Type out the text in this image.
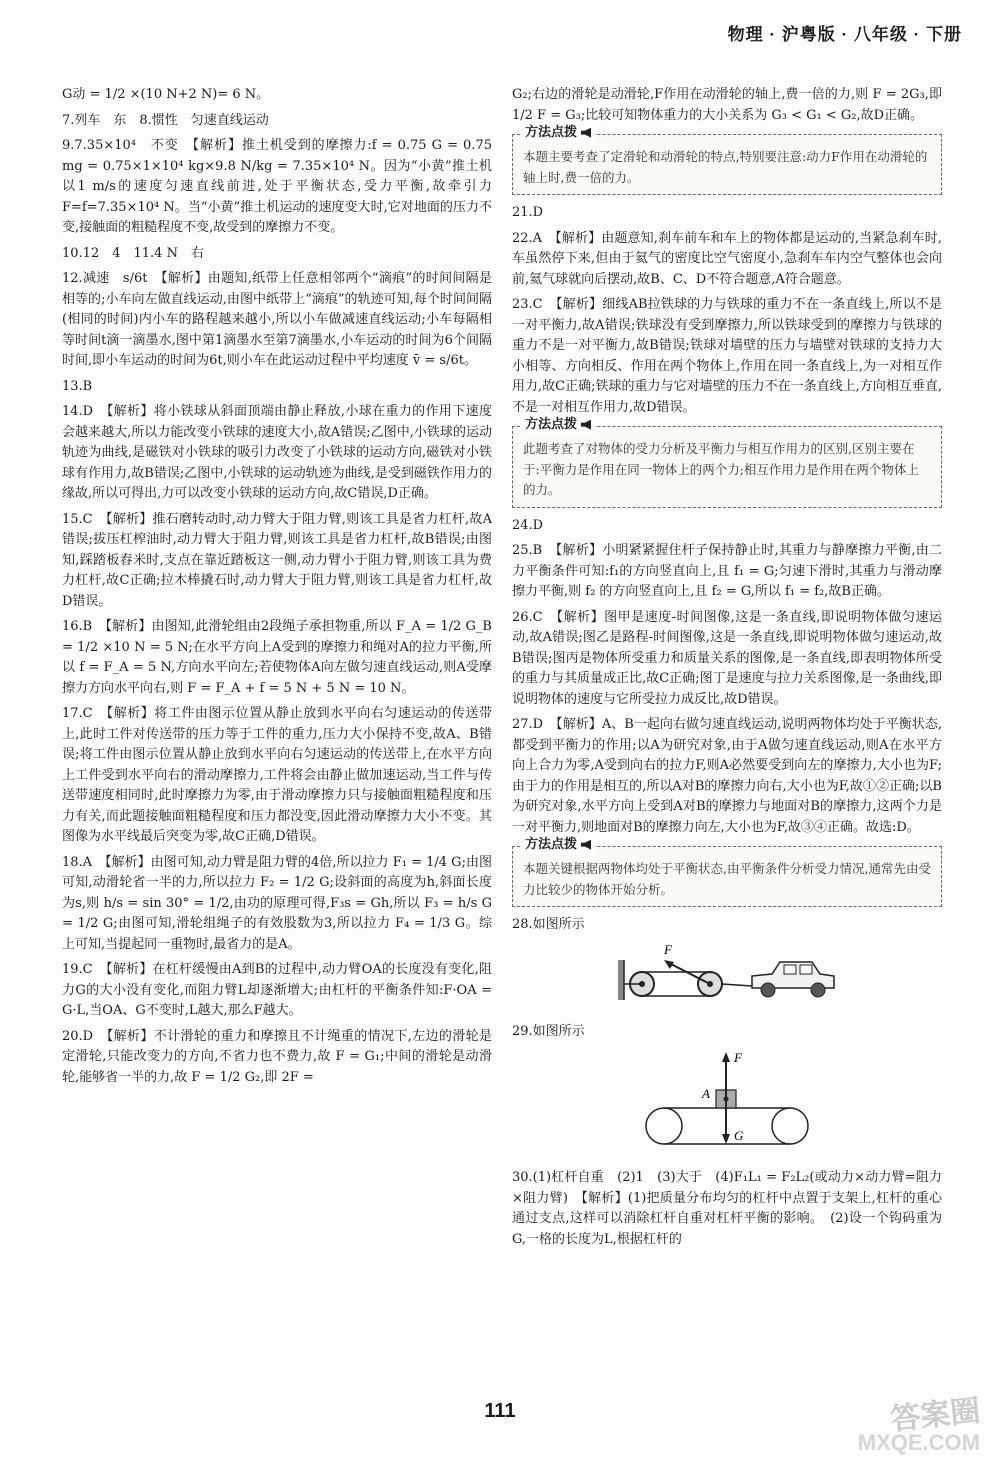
物理 · 沪粤版 · 八年级 · 下册

G动 = 1/2 ×(10 N+2 N)= 6 N。

7.列车　东　8.惯性　匀速直线运动

9.7.35×10⁴　不变　【解析】推土机受到的摩擦力:f = 0.75 G = 0.75 mg = 0.75×1×10⁴ kg×9.8 N/kg = 7.35×10⁴ N。因为“小黄”推土机以1 m/s的速度匀速直线前进,处于平衡状态,受力平衡,故牵引力 F=f=7.35×10⁴ N。当“小黄”推土机运动的速度变大时,它对地面的压力不变,接触面的粗糙程度不变,故受到的摩擦力不变。

10.12　4　11.4 N　右

12.减速　s/6t　【解析】由题知,纸带上任意相邻两个“滴痕”的时间间隔是相等的;小车向左做直线运动,由图中纸带上“滴痕”的轨迹可知,每个时间间隔(相同的时间)内小车的路程越来越小,所以小车做减速直线运动;小车每隔相等时间t滴一滴墨水,图中第1滴墨水至第7滴墨水,小车运动的时间为6个间隔时间,即小车运动的时间为6t,则小车在此运动过程中平均速度 v̄ = s/6t。

13.B

14.D　【解析】将小铁球从斜面顶端由静止释放,小球在重力的作用下速度会越来越大,所以力能改变小铁球的速度大小,故A错误;乙图中,小铁球的运动轨迹为曲线,是磁铁对小铁球的吸引力改变了小铁球的运动方向,磁铁对小铁球有作用力,故B错误;乙图中,小铁球的运动轨迹为曲线,是受到磁铁作用力的缘故,所以可得出,力可以改变小铁球的运动方向,故C错误,D正确。

15.C　【解析】推石磨转动时,动力臂大于阻力臂,则该工具是省力杠杆,故A错误;拔压杠榨油时,动力臂大于阻力臂,则该工具是省力杠杆,故B错误;由图知,踩踏板舂米时,支点在靠近踏板这一侧,动力臂小于阻力臂,则该工具为费力杠杆,故C正确;拉木棒撬石时,动力臂大于阻力臂,则该工具是省力杠杆,故D错误。

16.B　【解析】由图知,此滑轮组由2段绳子承担物重,所以 F_A = 1/2 G_B = 1/2 ×10 N = 5 N;在水平方向上A受到的摩擦力和绳对A的拉力平衡,所以 f = F_A = 5 N,方向水平向左;若使物体A向左做匀速直线运动,则A受摩擦力方向水平向右,则 F = F_A + f = 5 N + 5 N = 10 N。

17.C　【解析】将工件由图示位置从静止放到水平向右匀速运动的传送带上,此时工件对传送带的压力等于工件的重力,压力大小保持不变,故A、B错误;将工件由图示位置从静止放到水平向右匀速运动的传送带上,在水平方向上工件受到水平向右的滑动摩擦力,工件将会由静止做加速运动,当工件与传送带速度相同时,此时摩擦力为零,由于滑动摩擦力只与接触面粗糙程度和压力有关,而此题接触面粗糙程度和压力都没变,因此滑动摩擦力大小不变。其图像为水平线最后突变为零,故C正确,D错误。

18.A　【解析】由图可知,动力臂是阻力臂的4倍,所以拉力 F₁ = 1/4 G;由图可知,动滑轮省一半的力,所以拉力 F₂ = 1/2 G;设斜面的高度为h,斜面长度为s,则 h/s = sin 30° = 1/2,由功的原理可得,F₃s = Gh,所以 F₃ = h/s G = 1/2 G;由图可知,滑轮组绳子的有效股数为3,所以拉力 F₄ = 1/3 G。综上可知,当提起同一重物时,最省力的是A。

19.C　【解析】在杠杆缓慢由A到B的过程中,动力臂OA的长度没有变化,阻力G的大小没有变化,而阻力臂L却逐渐增大;由杠杆的平衡条件知:F·OA = G·L,当OA、G不变时,L越大,那么F越大。

20.D　【解析】不计滑轮的重力和摩擦且不计绳重的情况下,左边的滑轮是定滑轮,只能改变力的方向,不省力也不费力,故 F = G₁;中间的滑轮是动滑轮,能够省一半的力,故 F = 1/2 G₂,即 2F =

G₂;右边的滑轮是动滑轮,F作用在动滑轮的轴上,费一倍的力,则 F = 2G₃,即 1/2 F = G₃;比较可知物体重力的大小关系为 G₃ < G₁ < G₂,故D正确。

方法点拨

本题主要考查了定滑轮和动滑轮的特点,特别要注意:动力F作用在动滑轮的轴上时,费一倍的力。

21.D

22.A　【解析】由题意知,刹车前车和车上的物体都是运动的,当紧急刹车时,车虽然停下来,但由于氦气的密度比空气密度小,急刹车车内空气整体也会向前,氦气球就向后摆动,故B、C、D不符合题意,A符合题意。

23.C　【解析】细线AB拉铁球的力与铁球的重力不在一条直线上,所以不是一对平衡力,故A错误;铁球没有受到摩擦力,所以铁球受到的摩擦力与铁球的重力不是一对平衡力,故B错误;铁球对墙壁的压力与墙壁对铁球的支持力大小相等、方向相反、作用在两个物体上,作用在同一条直线上,为一对相互作用力,故C正确;铁球的重力与它对墙壁的压力不在一条直线上,方向相互垂直,不是一对相互作用力,故D错误。

方法点拨

此题考查了对物体的受力分析及平衡力与相互作用力的区别,区别主要在于:平衡力是作用在同一物体上的两个力;相互作用力是作用在两个物体上的力。

24.D

25.B　【解析】小明紧紧握住杆子保持静止时,其重力与静摩擦力平衡,由二力平衡条件可知:f₁的方向竖直向上,且 f₁ = G;匀速下滑时,其重力与滑动摩擦力平衡,则 f₂ 的方向竖直向上,且 f₂ = G,所以 f₁ = f₂,故B正确。

26.C　【解析】图甲是速度-时间图像,这是一条直线,即说明物体做匀速运动,故A错误;图乙是路程-时间图像,这是一条直线,即说明物体做匀速运动,故B错误;图丙是物体所受重力和质量关系的图像,是一条直线,即表明物体所受的重力与其质量成正比,故C正确;图丁是速度与拉力关系图像,是一条曲线,即说明物体的速度与它所受拉力成反比,故D错误。

27.D　【解析】A、B一起向右做匀速直线运动,说明两物体均处于平衡状态,都受到平衡力的作用;以A为研究对象,由于A做匀速直线运动,则A在水平方向上合力为零,A受到向右的拉力F,则A必然要受到向左的摩擦力,大小也为F;由于力的作用是相互的,所以A对B的摩擦力向右,大小也为F,故①②正确;以B为研究对象,水平方向上受到A对B的摩擦力与地面对B的摩擦力,这两个力是一对平衡力,则地面对B的摩擦力向左,大小也为F,故③④正确。故选:D。

方法点拨

本题关键根据两物体均处于平衡状态,由平衡条件分析受力情况,通常先由受力比较少的物体开始分析。

28.如图所示

F

29.如图所示

F
A
G

30.(1)杠杆自重　(2)1　(3)大于　(4)F₁L₁ = F₂L₂(或动力×动力臂=阻力×阻力臂)　【解析】(1)把质量分布均匀的杠杆中点置于支架上,杠杆的重心通过支点,这样可以消除杠杆自重对杠杆平衡的影响。　(2)设一个钩码重为G,一格的长度为L,根据杠杆的

111	答案圈
MXQE.COM
